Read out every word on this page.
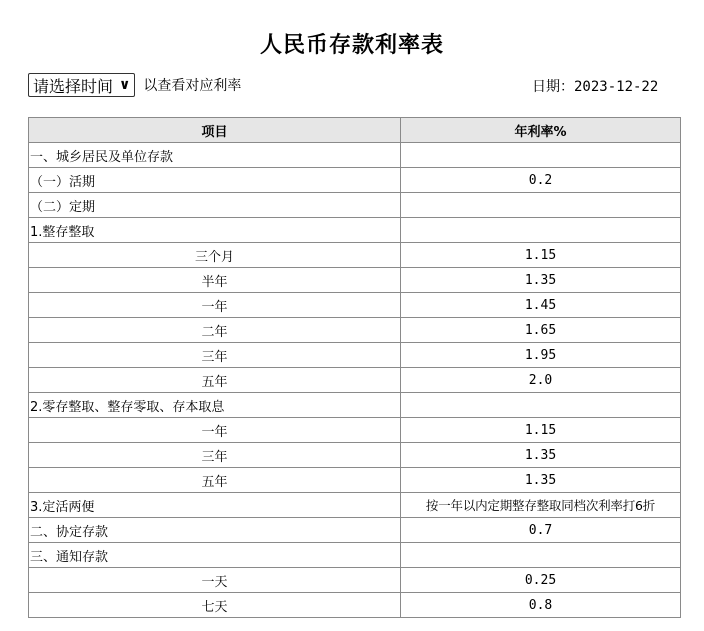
人民币存款利率表
请选择时间 ∨ 以查看对应利率	日期：2023-12-22
项目	年利率%
一、城乡居民及单位存款	
（一）活期	0.2
（二）定期	
1.整存整取	
三个月	1.15
半年	1.35
一年	1.45
二年	1.65
三年	1.95
五年	2.0
2.零存整取、整存零取、存本取息	
一年	1.15
三年	1.35
五年	1.35
3.定活两便	按一年以内定期整存整取同档次利率打6折
二、协定存款	0.7
三、通知存款	
一天	0.25
七天	0.8
